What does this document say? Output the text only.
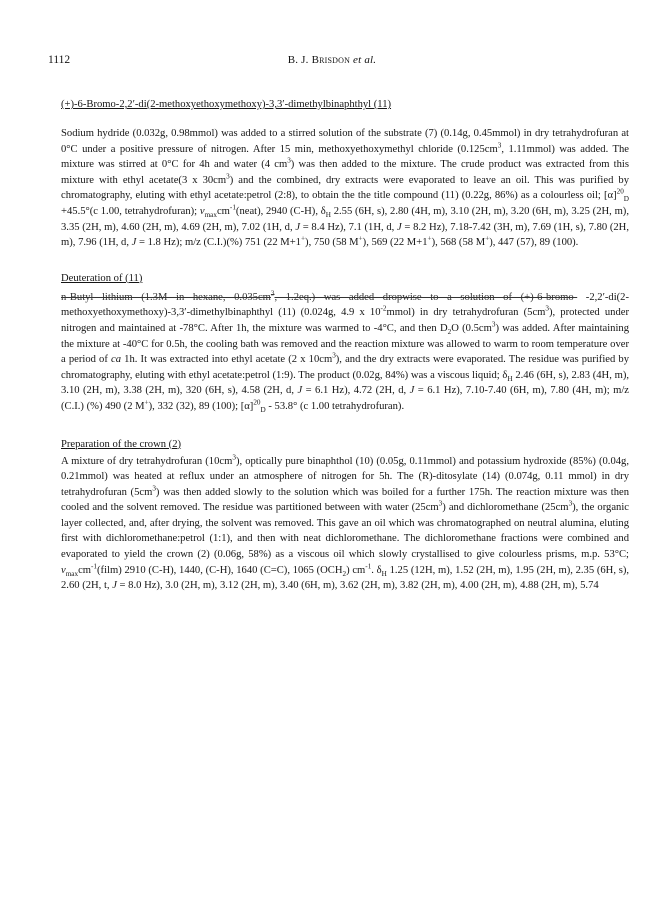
1112	B. J. Brisdon et al.

(+)-6-Bromo-2,2′-di(2-methoxyethoxymethoxy)-3,3′-dimethylbinaphthyl (11)

Sodium hydride (0.032g, 0.98mmol) was added to a stirred solution of the substrate (7) (0.14g, 0.45mmol) in dry tetrahydrofuran at 0°C under a positive pressure of nitrogen. After 15 min, methoxyethoxymethyl chloride ($0.125cm^3$, 1.11mmol) was added. The mixture was stirred at 0°C for 4h and water (4 $cm^3$) was then added to the mixture. The crude product was extracted from this mixture with ethyl acetate(3 x $30cm^3$) and the combined, dry extracts were evaporated to leave an oil. This was purified by chromatography, eluting with ethyl acetate:petrol (2:8), to obtain the the title compound (11) (0.22g, 86%) as a colourless oil; $[\alpha]^{20}_D +45.5^\circ(c$ 1.00, tetrahydrofuran); $\nu_{max}cm^{-1}(neat)$, 2940 (C-H), $\delta_H$ 2.55 (6H, s), 2.80 (4H, m), 3.10 (2H, m), 3.20 (6H, m), 3.25 (2H, m), 3.35 (2H, m), 4.60 (2H, m), 4.69 (2H, m), 7.02 (1H, d, J = 8.4 Hz), 7.1 (1H, d, J = 8.2 Hz), 7.18-7.42 (3H, m), 7.69 (1H, s), 7.80 (2H, m), 7.96 (1H, d, J = 1.8 Hz); m/z (C.I.)(%) 751 (22 M+1+), 750 (58 M+), 569 (22 M+1+), 568 (58 M+), 447 (57), 89 (100).

Deuteration of (11)

n-Butyl lithium (1.3M in hexane, $0.035cm^3$, 1.2eq.) was added dropwise to a solution of (+)-6-bromo- -2,2′-di(2-methoxyethoxymethoxy)-3,3′-dimethylbinaphthyl (11) (0.024g, 4.9 x $10^{-2}mmol$) in dry tetrahydrofuran $(5cm^3)$, protected under nitrogen and maintained at -78°C. After 1h, the mixture was warmed to -4°C, and then $D_2O$ $(0.5cm^3)$ was added. After maintaining the mixture at -40°C for 0.5h, the cooling bath was removed and the reaction mixture was allowed to warm to room temperature over a period of ca 1h. It was extracted into ethyl acetate (2 x $10cm^3$), and the dry extracts were evaporated. The residue was purified by chromatography, eluting with ethyl acetate:petrol (1:9). The product (0.02g, 84%) was a viscous liquid; $\delta_H$ 2.46 (6H, s), 2.83 (4H, m), 3.10 (2H, m), 3.38 (2H, m), 320 (6H, s), 4.58 (2H, d, J = 6.1 Hz), 4.72 (2H, d, J = 6.1 Hz), 7.10-7.40 (6H, m), 7.80 (4H, m); m/z (C.I.) (%) 490 (2 M+), 332 (32), 89 (100); $[\alpha]^{20}_D - 53.8^\circ$ (c 1.00 tetrahydrofuran).

Preparation of the crown (2)

A mixture of dry tetrahydrofuran $(10cm^3)$, optically pure binaphthol (10) (0.05g, 0.11mmol) and potassium hydroxide (85%) (0.04g, 0.21mmol) was heated at reflux under an atmosphere of nitrogen for 5h. The (R)-ditosylate (14) (0.074g, 0.11 mmol) in dry tetrahydrofuran $(5cm^3)$ was then added slowly to the solution which was boiled for a further 175h. The reaction mixture was then cooled and the solvent removed. The residue was partitioned between with water $(25cm^3)$ and dichloromethane $(25cm^3)$, the organic layer collected, and, after drying, the solvent was removed. This gave an oil which was chromatographed on neutral alumina, eluting first with dichloromethane:petrol (1:1), and then with neat dichloromethane. The dichloromethane fractions were combined and evaporated to yield the crown (2) (0.06g, 58%) as a viscous oil which slowly crystallised to give colourless prisms, m.p. 53°C; $\nu_{max}cm^{-1}(film)$ 2910 (C-H), 1440, (C-H), 1640 (C=C), 1065 $(OCH_2)$ $cm^{-1}$. $\delta_H$ 1.25 (12H, m), 1.52 (2H, m), 1.95 (2H, m), 2.35 (6H, s), 2.60 (2H, t, J = 8.0 Hz), 3.0 (2H, m), 3.12 (2H, m), 3.40 (6H, m), 3.62 (2H, m), 3.82 (2H, m), 4.00 (2H, m), 4.88 (2H, m), 5.74
